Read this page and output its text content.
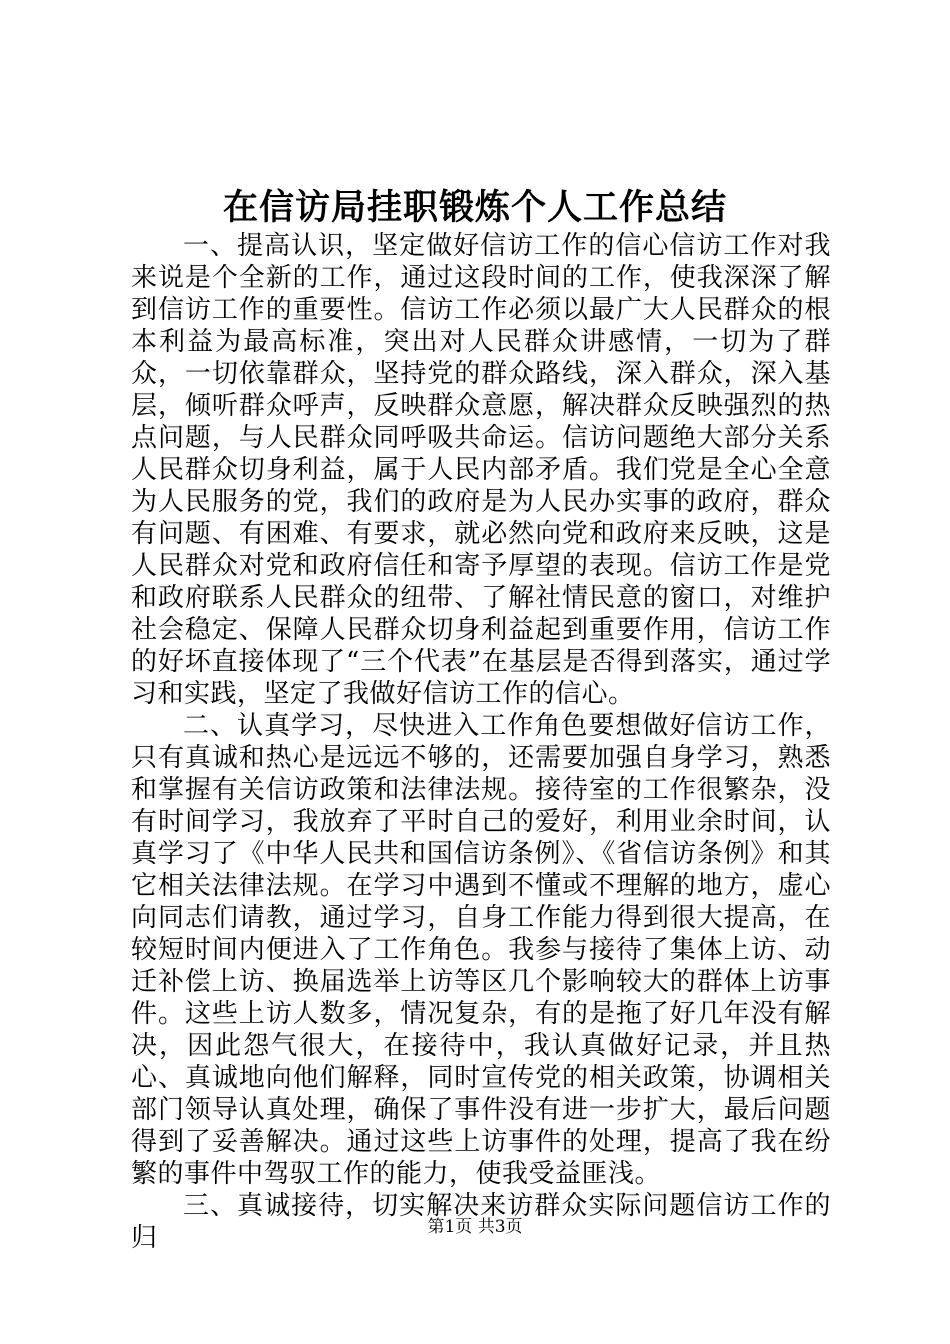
在信访局挂职锻炼个人工作总结

一、提高认识，坚定做好信访工作的信心信访工作对我来说是个全新的工作，通过这段时间的工作，使我深深了解到信访工作的重要性。信访工作必须以最广大人民群众的根本利益为最高标准，突出对人民群众讲感情，一切为了群众，一切依靠群众，坚持党的群众路线，深入群众，深入基层，倾听群众呼声，反映群众意愿，解决群众反映强烈的热点问题，与人民群众同呼吸共命运。信访问题绝大部分关系人民群众切身利益，属于人民内部矛盾。我们党是全心全意为人民服务的党，我们的政府是为人民办实事的政府，群众有问题、有困难、有要求，就必然向党和政府来反映，这是人民群众对党和政府信任和寄予厚望的表现。信访工作是党和政府联系人民群众的纽带、了解社情民意的窗口，对维护社会稳定、保障人民群众切身利益起到重要作用，信访工作的好坏直接体现了“三个代表”在基层是否得到落实，通过学习和实践，坚定了我做好信访工作的信心。

二、认真学习，尽快进入工作角色要想做好信访工作，只有真诚和热心是远远不够的，还需要加强自身学习，熟悉和掌握有关信访政策和法律法规。接待室的工作很繁杂，没有时间学习，我放弃了平时自己的爱好，利用业余时间，认真学习了《中华人民共和国信访条例》、《省信访条例》和其它相关法律法规。在学习中遇到不懂或不理解的地方，虚心向同志们请教，通过学习，自身工作能力得到很大提高，在较短时间内便进入了工作角色。我参与接待了集体上访、动迁补偿上访、换届选举上访等区几个影响较大的群体上访事件。这些上访人数多，情况复杂，有的是拖了好几年没有解决，因此怨气很大，在接待中，我认真做好记录，并且热心、真诚地向他们解释，同时宣传党的相关政策，协调相关部门领导认真处理，确保了事件没有进一步扩大，最后问题得到了妥善解决。通过这些上访事件的处理，提高了我在纷繁的事件中驾驭工作的能力，使我受益匪浅。

三、真诚接待，切实解决来访群众实际问题信访工作的归	第1页 共3页
